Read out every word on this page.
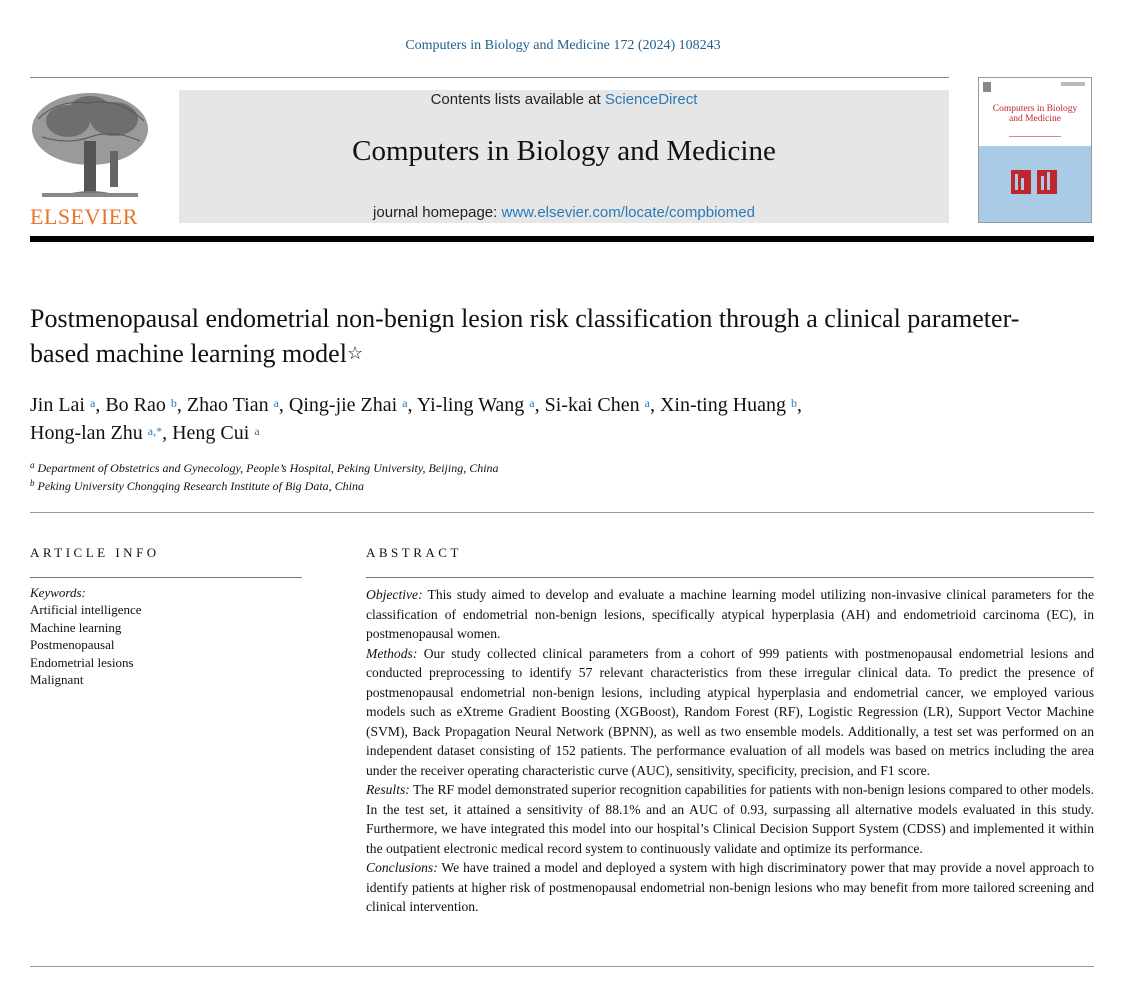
Computers in Biology and Medicine 172 (2024) 108243
ELSEVIER
Contents lists available at ScienceDirect
Computers in Biology and Medicine
journal homepage: www.elsevier.com/locate/compbiomed
Computers in Biology and Medicine
Postmenopausal endometrial non-benign lesion risk classification through a clinical parameter-based machine learning model☆
Jin Lai $^a$, Bo Rao $^b$, Zhao Tian $^a$, Qing-jie Zhai $^a$, Yi-ling Wang $^a$, Si-kai Chen $^a$, Xin-ting Huang $^b$,
Hong-lan Zhu $^{a,*}$, Heng Cui $^a$
$^a$ Department of Obstetrics and Gynecology, People’s Hospital, Peking University, Beijing, China
$^b$ Peking University Chongqing Research Institute of Big Data, China
ARTICLE INFO
Keywords:
Artificial intelligence
Machine learning
Postmenopausal
Endometrial lesions
Malignant
ABSTRACT

Objective: This study aimed to develop and evaluate a machine learning model utilizing non-invasive clinical parameters for the classification of endometrial non-benign lesions, specifically atypical hyperplasia (AH) and endometrioid carcinoma (EC), in postmenopausal women.

Methods: Our study collected clinical parameters from a cohort of 999 patients with postmenopausal endometrial lesions and conducted preprocessing to identify 57 relevant characteristics from these irregular clinical data. To predict the presence of postmenopausal endometrial non-benign lesions, including atypical hyperplasia and endometrial cancer, we employed various models such as eXtreme Gradient Boosting (XGBoost), Random Forest (RF), Logistic Regression (LR), Support Vector Machine (SVM), Back Propagation Neural Network (BPNN), as well as two ensemble models. Additionally, a test set was performed on an independent dataset consisting of 152 patients. The performance evaluation of all models was based on metrics including the area under the receiver operating characteristic curve (AUC), sensitivity, specificity, precision, and F1 score.

Results: The RF model demonstrated superior recognition capabilities for patients with non-benign lesions compared to other models. In the test set, it attained a sensitivity of 88.1% and an AUC of 0.93, surpassing all alternative models evaluated in this study. Furthermore, we have integrated this model into our hospital’s Clinical Decision Support System (CDSS) and implemented it within the outpatient electronic medical record system to continuously validate and optimize its performance.

Conclusions: We have trained a model and deployed a system with high discriminatory power that may provide a novel approach to identify patients at higher risk of postmenopausal endometrial non-benign lesions who may benefit from more tailored screening and clinical intervention.
